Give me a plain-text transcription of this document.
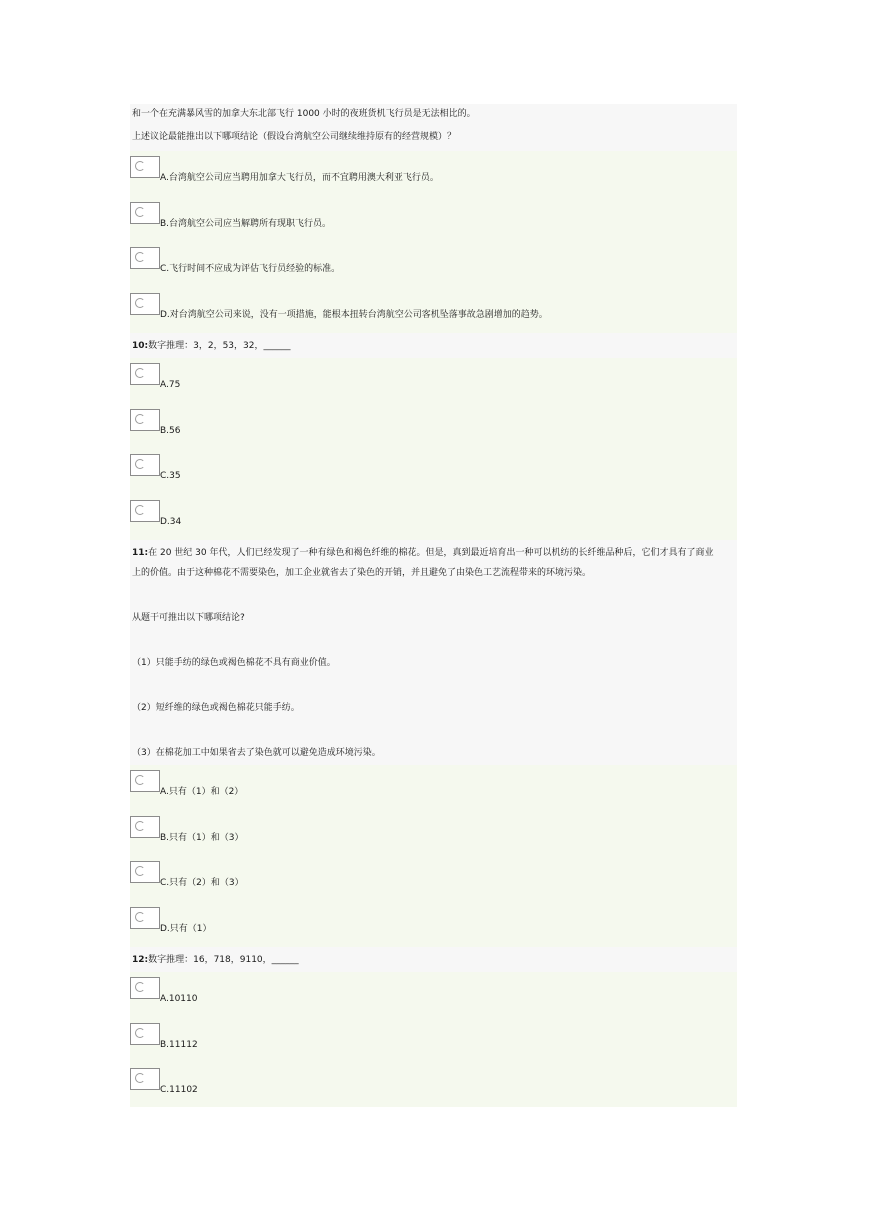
和一个在充满暴风雪的加拿大东北部飞行 1000 小时的夜班货机飞行员是无法相比的。
上述议论最能推出以下哪项结论（假设台湾航空公司继续维持原有的经营规模）？
A.台湾航空公司应当聘用加拿大飞行员，而不宜聘用澳大利亚飞行员。
B.台湾航空公司应当解聘所有现职飞行员。
C.飞行时间不应成为评估飞行员经验的标准。
D.对台湾航空公司来说，没有一项措施，能根本扭转台湾航空公司客机坠落事故急剧增加的趋势。
10:数字推理：3，2，53，32，______
A.75
B.56
C.35
D.34
11:在 20 世纪 30 年代，人们已经发现了一种有绿色和褐色纤维的棉花。但是，真到最近培育出一种可以机纺的长纤维品种后，它们才具有了商业
上的价值。由于这种棉花不需要染色，加工企业就省去了染色的开销，并且避免了由染色工艺流程带来的环境污染。
从题干可推出以下哪项结论?
（1）只能手纺的绿色或褐色棉花不具有商业价值。
（2）短纤维的绿色或褐色棉花只能手纺。
（3）在棉花加工中如果省去了染色就可以避免造成环境污染。
A.只有（1）和（2）
B.只有（1）和（3）
C.只有（2）和（3）
D.只有（1）
12:数字推理：16，718，9110，______
A.10110
B.11112
C.11102
